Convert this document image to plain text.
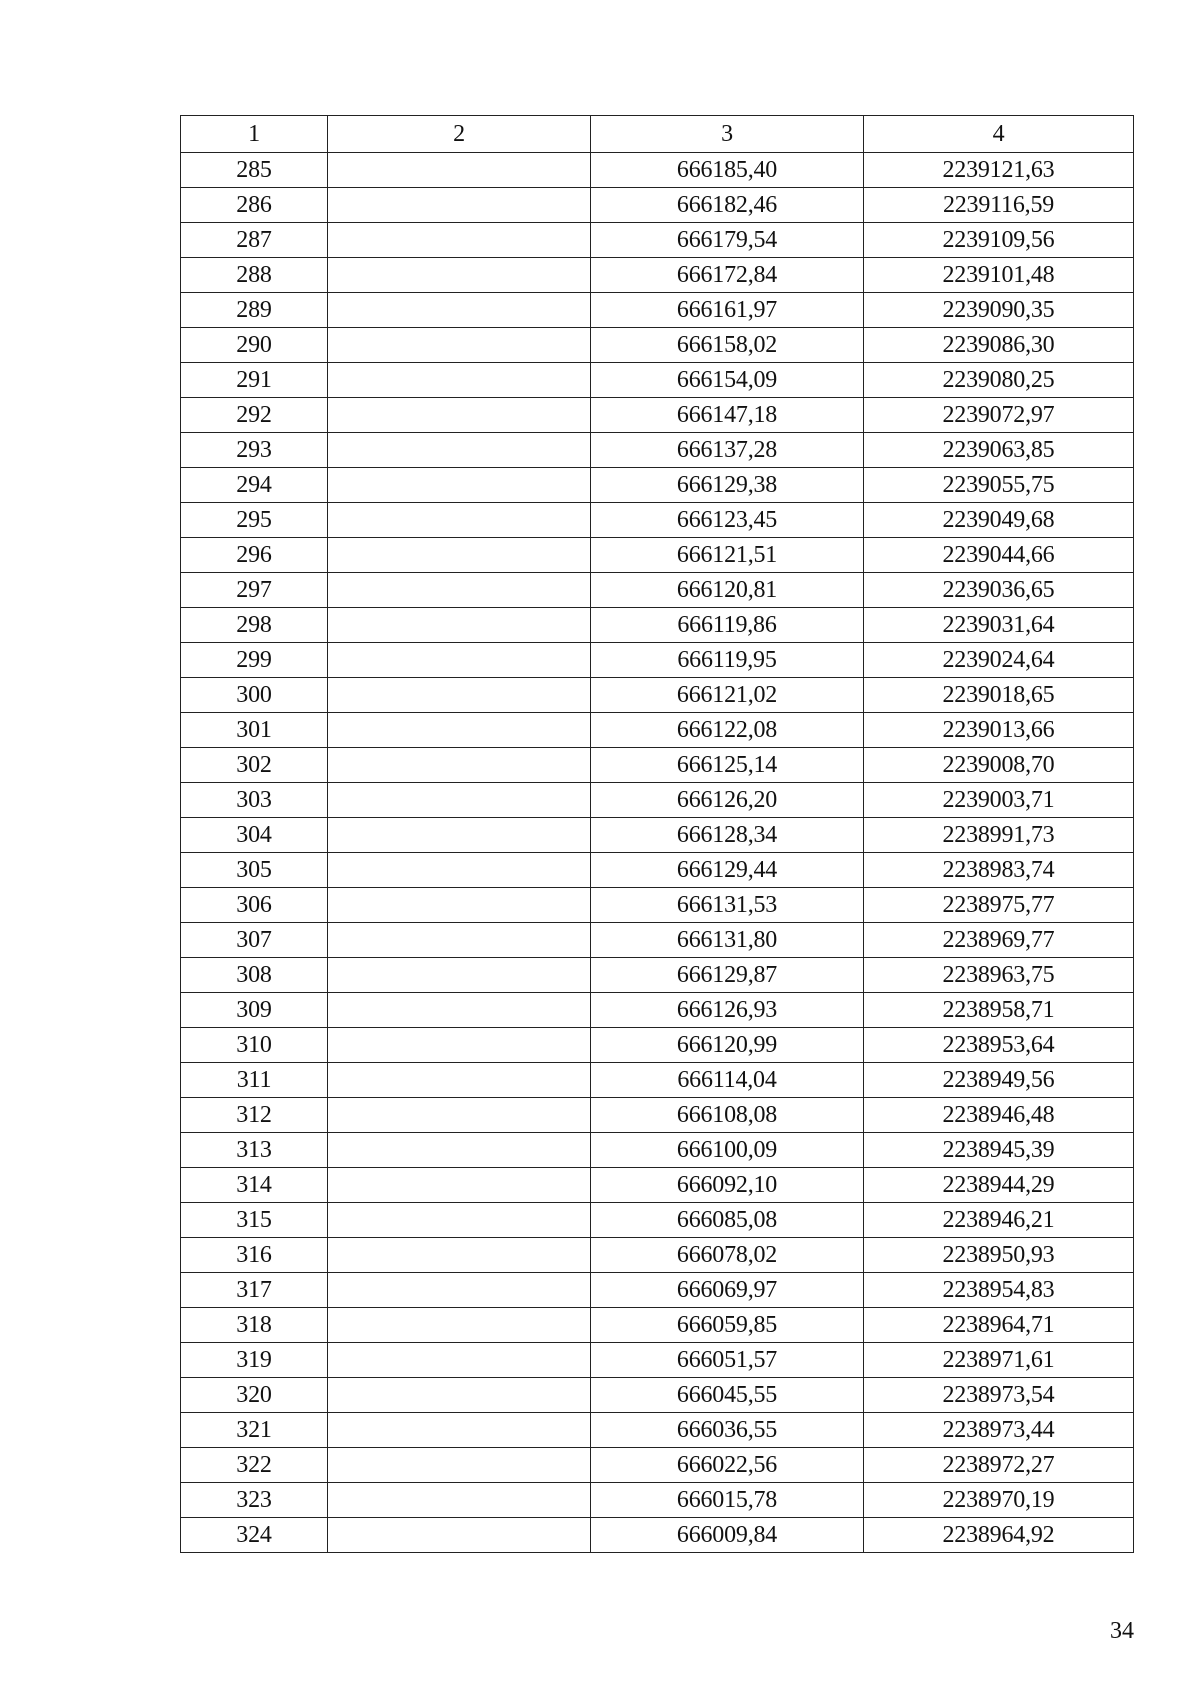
1	2	3	4
285		666185,40	2239121,63
286		666182,46	2239116,59
287		666179,54	2239109,56
288		666172,84	2239101,48
289		666161,97	2239090,35
290		666158,02	2239086,30
291		666154,09	2239080,25
292		666147,18	2239072,97
293		666137,28	2239063,85
294		666129,38	2239055,75
295		666123,45	2239049,68
296		666121,51	2239044,66
297		666120,81	2239036,65
298		666119,86	2239031,64
299		666119,95	2239024,64
300		666121,02	2239018,65
301		666122,08	2239013,66
302		666125,14	2239008,70
303		666126,20	2239003,71
304		666128,34	2238991,73
305		666129,44	2238983,74
306		666131,53	2238975,77
307		666131,80	2238969,77
308		666129,87	2238963,75
309		666126,93	2238958,71
310		666120,99	2238953,64
311		666114,04	2238949,56
312		666108,08	2238946,48
313		666100,09	2238945,39
314		666092,10	2238944,29
315		666085,08	2238946,21
316		666078,02	2238950,93
317		666069,97	2238954,83
318		666059,85	2238964,71
319		666051,57	2238971,61
320		666045,55	2238973,54
321		666036,55	2238973,44
322		666022,56	2238972,27
323		666015,78	2238970,19
324		666009,84	2238964,92
34
